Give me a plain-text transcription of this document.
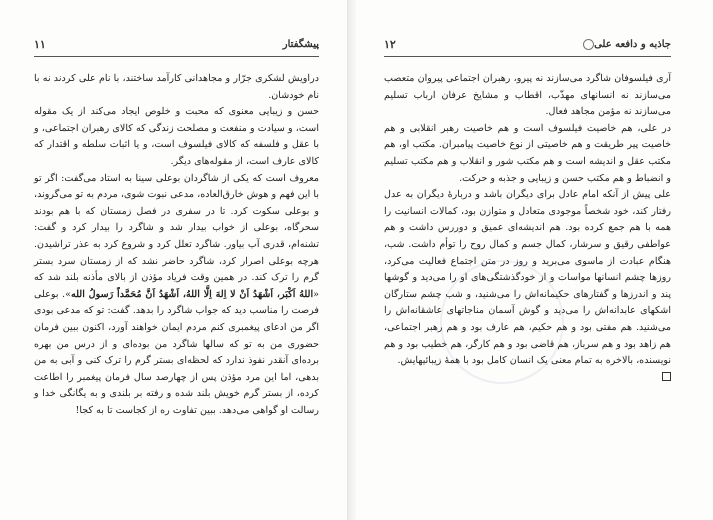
پیشگفتار
۱۱

دراویش لشکری جرّار و مجاهدانی کارآمد ساختند، با نام علی کردند نه با نام خودشان.

حسن و زیبایی معنوی که محبت و خلوص ایجاد می‌کند از یک مقوله است، و سیادت و منفعت و مصلحت زندگی که کالای رهبران اجتماعی، و با عقل و فلسفه که کالای فیلسوف است، و یا اثبات سلطه و اقتدار که کالای عارف است، از مقوله‌های دیگر.

معروف است که یکی از شاگردان بوعلی سینا به استاد می‌گفت: اگر تو با این فهم و هوش خارق‌العاده، مدعی نبوت شوی، مردم به تو می‌گروند، و بوعلی سکوت کرد. تا در سفری در فصل زمستان که با هم بودند سحرگاه، بوعلی از خواب بیدار شد و شاگرد را بیدار کرد و گفت: تشنه‌ام، قدری آب بیاور. شاگرد تعلل کرد و شروع کرد به عذر تراشیدن. هرچه بوعلی اصرار کرد، شاگرد حاضر نشد که از زمستان سرد بستر گرم را ترک کند. در همین وقت فریاد مؤذن از بالای مأذنه بلند شد که «اللهُ اَکْبَر، اَشْهَدُ اَنْ لا اِلهَ اِلَّا اللهُ، اَشْهَدُ اَنَّ مُحَمَّداً رَسولُ الله». بوعلی فرصت را مناسب دید که جواب شاگرد را بدهد. گفت: تو که مدعی بودی اگر من ادعای پیغمبری کنم مردم ایمان خواهند آورد، اکنون ببین فرمان حضوری من به تو که سالها شاگرد من بوده‌ای و از درس من بهره برده‌ای آنقدر نفوذ ندارد که لحظه‌ای بستر گرم را ترک کنی و آبی به من بدهی، اما این مرد مؤذن پس از چهارصد سال فرمان پیغمبر را اطاعت کرده، از بستر گرم خویش بلند شده و رفته بر بلندی و به یگانگی خدا و رسالت او گواهی می‌دهد. ببین تفاوت ره از کجاست تا به کجا!

جاذبه و دافعه علی
۱۲

آری فیلسوفان شاگرد می‌سازند نه پیرو، رهبران اجتماعی پیروان متعصب می‌سازند نه انسانهای مهذّب، اقطاب و مشایخ عرفان ارباب تسلیم می‌سازند نه مؤمن مجاهد فعال.

در علی، هم خاصیت فیلسوف است و هم خاصیت رهبر انقلابی و هم خاصیت پیر طریقت و هم خاصیتی از نوع خاصیت پیامبران. مکتب او، هم مکتب عقل و اندیشه است و هم مکتب شور و انقلاب و هم مکتب تسلیم و انضباط و هم مکتب حسن و زیبایی و جذبه و حرکت.

علی پیش از آنکه امام عادل برای دیگران باشد و دربارهٔ دیگران به عدل رفتار کند، خود شخصاً موجودی متعادل و متوازن بود، کمالات انسانیت را همه با هم جمع کرده بود. هم اندیشه‌ای عمیق و دوررس داشت و هم عواطفی رقیق و سرشار، کمال جسم و کمال روح را توأم داشت. شب، هنگام عبادت از ماسوی می‌برید و روز در متن اجتماع فعالیت می‌کرد، روزها چشم انسانها مواسات و از خودگذشتگی‌های او را می‌دید و گوشها پند و اندرزها و گفتارهای حکیمانه‌اش را می‌شنید، و شب چشم ستارگان اشکهای عابدانه‌اش را می‌دید و گوش آسمان مناجاتهای عاشقانه‌اش را می‌شنید. هم مفتی بود و هم حکیم، هم عارف بود و هم رهبر اجتماعی، هم زاهد بود و هم سرباز، هم قاضی بود و هم کارگر، هم خطیب بود و هم نویسنده، بالاخره به تمام معنی یک انسان کامل بود با همهٔ زیبائیهایش.
